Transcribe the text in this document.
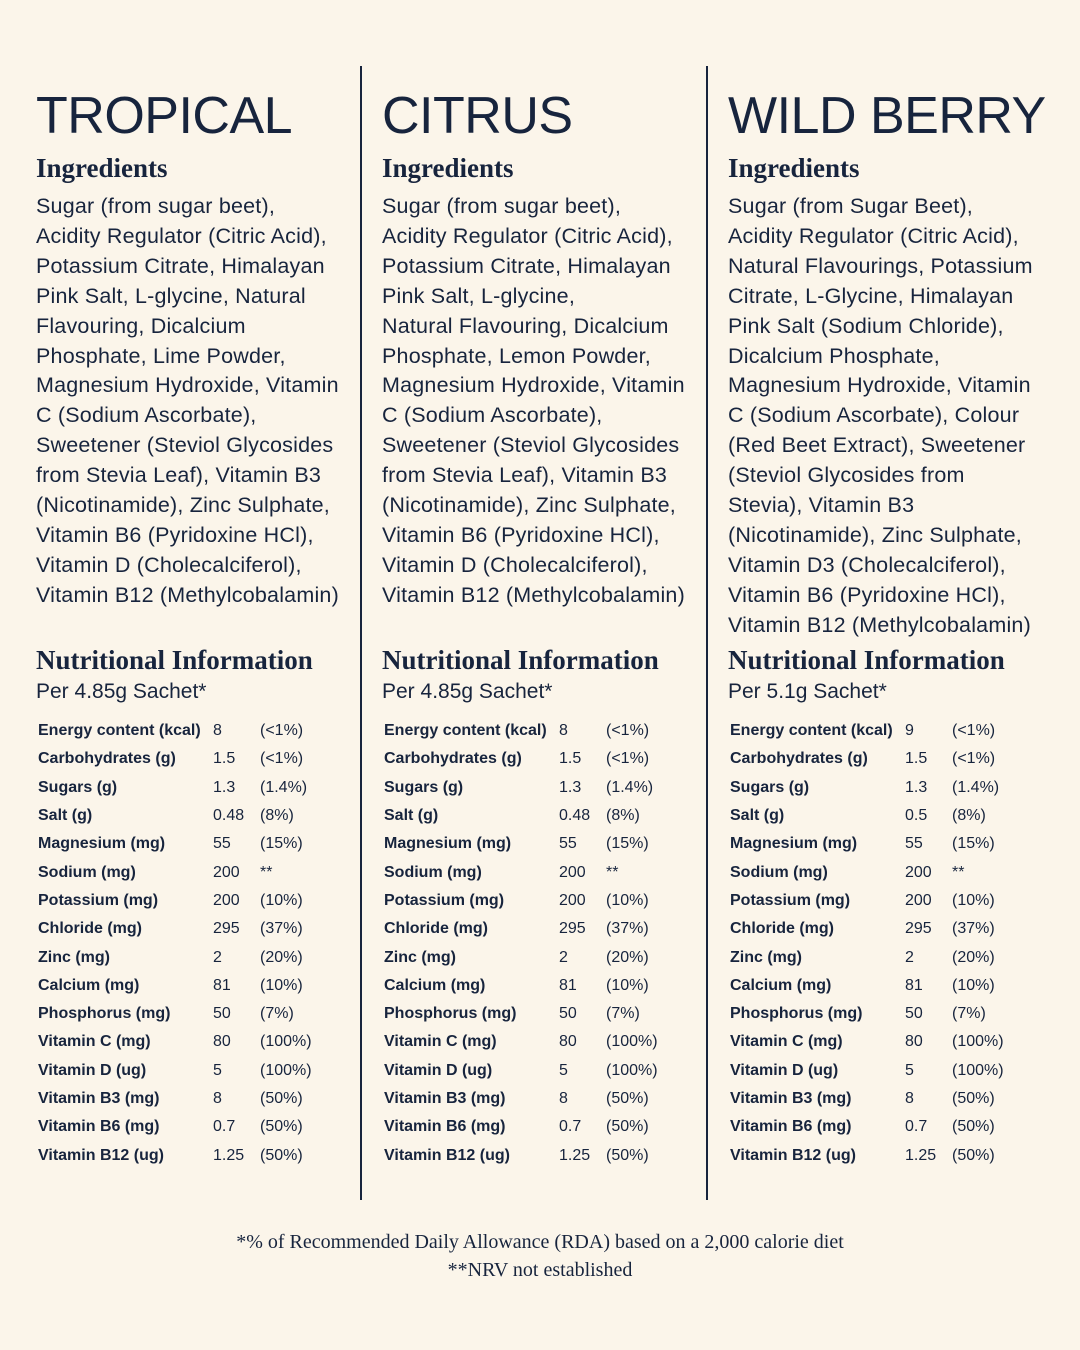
TROPICAL
Ingredients
Sugar (from sugar beet),
Acidity Regulator (Citric Acid),
Potassium Citrate, Himalayan
Pink Salt, L-glycine, Natural
Flavouring, Dicalcium
Phosphate, Lime Powder,
Magnesium Hydroxide, Vitamin
C (Sodium Ascorbate),
Sweetener (Steviol Glycosides
from Stevia Leaf), Vitamin B3
(Nicotinamide), Zinc Sulphate,
Vitamin B6 (Pyridoxine HCl),
Vitamin D (Cholecalciferol),
Vitamin B12 (Methylcobalamin)
Nutritional Information
Per 4.85g Sachet*
Energy content (kcal)	8	(<1%)
Carbohydrates (g)	1.5	(<1%)
Sugars (g)	1.3	(1.4%)
Salt (g)	0.48	(8%)
Magnesium (mg)	55	(15%)
Sodium (mg)	200	**
Potassium (mg)	200	(10%)
Chloride (mg)	295	(37%)
Zinc (mg)	2	(20%)
Calcium (mg)	81	(10%)
Phosphorus (mg)	50	(7%)
Vitamin C (mg)	80	(100%)
Vitamin D (ug)	5	(100%)
Vitamin B3 (mg)	8	(50%)
Vitamin B6 (mg)	0.7	(50%)
Vitamin B12 (ug)	1.25	(50%)
CITRUS
Ingredients
Sugar (from sugar beet),
Acidity Regulator (Citric Acid),
Potassium Citrate, Himalayan
Pink Salt, L-glycine,
Natural Flavouring, Dicalcium
Phosphate, Lemon Powder,
Magnesium Hydroxide, Vitamin
C (Sodium Ascorbate),
Sweetener (Steviol Glycosides
from Stevia Leaf), Vitamin B3
(Nicotinamide), Zinc Sulphate,
Vitamin B6 (Pyridoxine HCl),
Vitamin D (Cholecalciferol),
Vitamin B12 (Methylcobalamin)
Nutritional Information
Per 4.85g Sachet*
Energy content (kcal)	8	(<1%)
Carbohydrates (g)	1.5	(<1%)
Sugars (g)	1.3	(1.4%)
Salt (g)	0.48	(8%)
Magnesium (mg)	55	(15%)
Sodium (mg)	200	**
Potassium (mg)	200	(10%)
Chloride (mg)	295	(37%)
Zinc (mg)	2	(20%)
Calcium (mg)	81	(10%)
Phosphorus (mg)	50	(7%)
Vitamin C (mg)	80	(100%)
Vitamin D (ug)	5	(100%)
Vitamin B3 (mg)	8	(50%)
Vitamin B6 (mg)	0.7	(50%)
Vitamin B12 (ug)	1.25	(50%)
WILD BERRY
Ingredients
Sugar (from Sugar Beet),
Acidity Regulator (Citric Acid),
Natural Flavourings, Potassium
Citrate, L-Glycine, Himalayan
Pink Salt (Sodium Chloride),
Dicalcium Phosphate,
Magnesium Hydroxide, Vitamin
C (Sodium Ascorbate), Colour
(Red Beet Extract), Sweetener
(Steviol Glycosides from
Stevia), Vitamin B3
(Nicotinamide), Zinc Sulphate,
Vitamin D3 (Cholecalciferol),
Vitamin B6 (Pyridoxine HCl),
Vitamin B12 (Methylcobalamin)
Nutritional Information
Per 5.1g Sachet*
Energy content (kcal)	9	(<1%)
Carbohydrates (g)	1.5	(<1%)
Sugars (g)	1.3	(1.4%)
Salt (g)	0.5	(8%)
Magnesium (mg)	55	(15%)
Sodium (mg)	200	**
Potassium (mg)	200	(10%)
Chloride (mg)	295	(37%)
Zinc (mg)	2	(20%)
Calcium (mg)	81	(10%)
Phosphorus (mg)	50	(7%)
Vitamin C (mg)	80	(100%)
Vitamin D (ug)	5	(100%)
Vitamin B3 (mg)	8	(50%)
Vitamin B6 (mg)	0.7	(50%)
Vitamin B12 (ug)	1.25	(50%)
*% of Recommended Daily Allowance (RDA) based on a 2,000 calorie diet
**NRV not established
